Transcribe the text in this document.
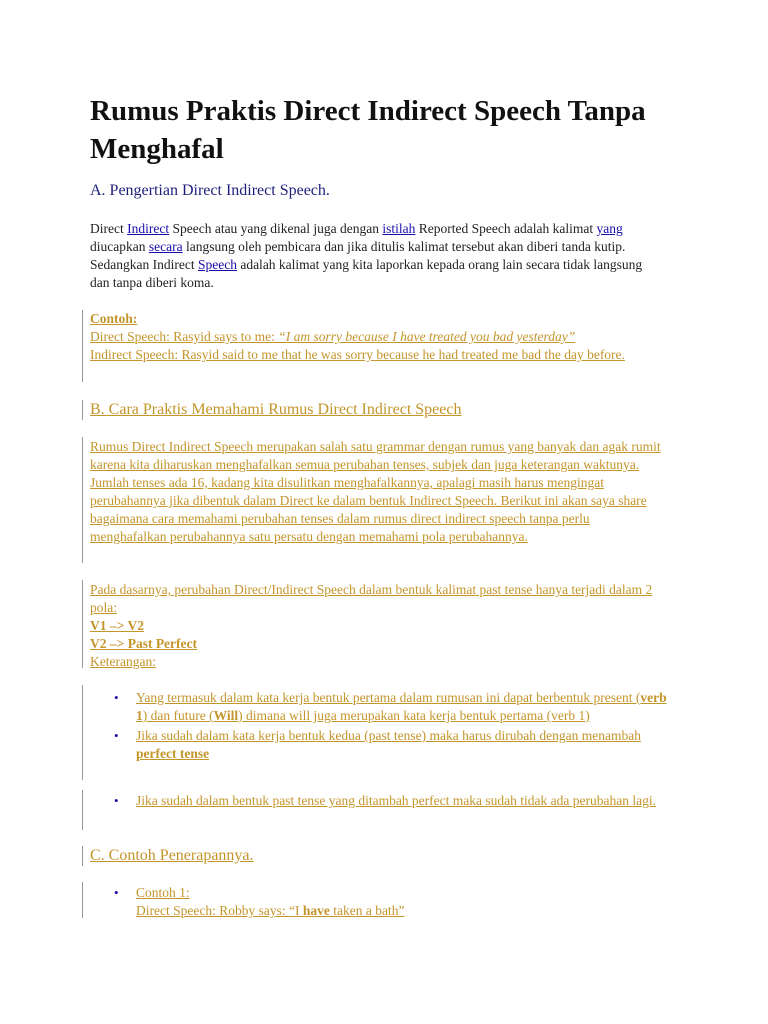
Rumus Praktis Direct Indirect Speech Tanpa Menghafal
A. Pengertian Direct Indirect Speech.
Direct Indirect Speech atau yang dikenal juga dengan istilah Reported Speech adalah kalimat yang diucapkan secara langsung oleh pembicara dan jika ditulis kalimat tersebut akan diberi tanda kutip. Sedangkan Indirect Speech adalah kalimat yang kita laporkan kepada orang lain secara tidak langsung dan tanpa diberi koma.
Contoh:
Direct Speech: Rasyid says to me: “I am sorry because I have treated you bad yesterday”
Indirect Speech: Rasyid said to me that he was sorry because he had treated me bad the day before.
B. Cara Praktis Memahami Rumus Direct Indirect Speech
Rumus Direct Indirect Speech merupakan salah satu grammar dengan rumus yang banyak dan agak rumit karena kita diharuskan menghafalkan semua perubahan tenses, subjek dan juga keterangan waktunya. Jumlah tenses ada 16, kadang kita disulitkan menghafalkannya, apalagi masih harus mengingat perubahannya jika dibentuk dalam Direct ke dalam bentuk Indirect Speech. Berikut ini akan saya share bagaimana cara memahami perubahan tenses dalam rumus direct indirect speech tanpa perlu menghafalkan perubahannya satu persatu dengan memahami pola perubahannya.
Pada dasarnya, perubahan Direct/Indirect Speech dalam bentuk kalimat past tense hanya terjadi dalam 2 pola:
V1 –> V2
V2 –> Past Perfect
Keterangan:
• Yang termasuk dalam kata kerja bentuk pertama dalam rumusan ini dapat berbentuk present (verb 1) dan future (Will) dimana will juga merupakan kata kerja bentuk pertama (verb 1)
• Jika sudah dalam kata kerja bentuk kedua (past tense) maka harus dirubah dengan menambah perfect tense
• Jika sudah dalam bentuk past tense yang ditambah perfect maka sudah tidak ada perubahan lagi.
C. Contoh Penerapannya.
• Contoh 1:
Direct Speech: Robby says: “I have taken a bath”
